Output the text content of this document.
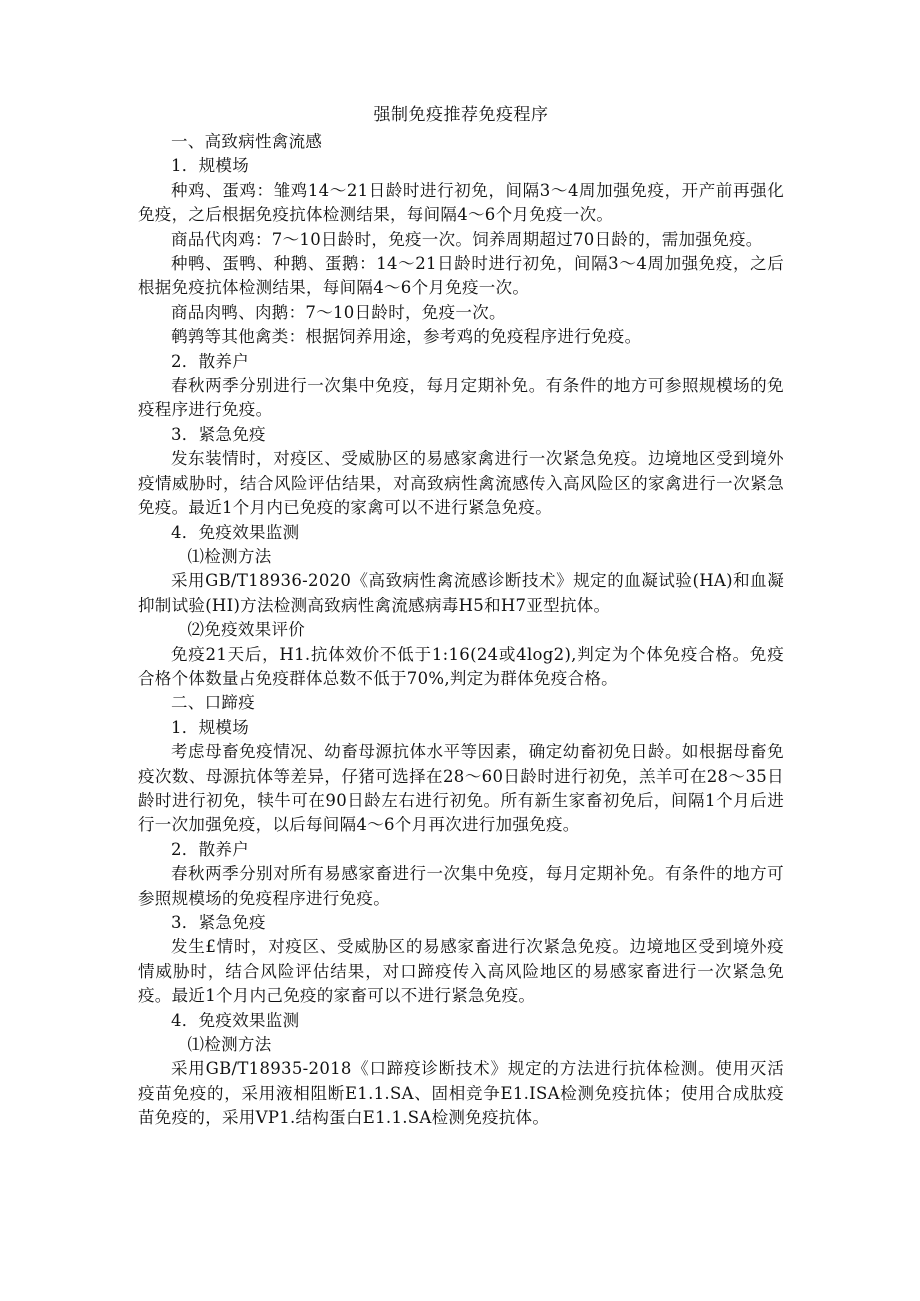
强制免疫推荐免疫程序

一、高致病性禽流感

1．规模场

种鸡、蛋鸡：雏鸡14～21日龄时进行初免，间隔3～4周加强免疫，开产前再强化免疫，之后根据免疫抗体检测结果，每间隔4～6个月免疫一次。

商品代肉鸡：7～10日龄时，免疫一次。饲养周期超过70日龄的，需加强免疫。

种鸭、蛋鸭、种鹅、蛋鹅：14～21日龄时进行初免，间隔3～4周加强免疫，之后根据免疫抗体检测结果，每间隔4～6个月免疫一次。

商品肉鸭、肉鹅：7～10日龄时，免疫一次。

鹌鹑等其他禽类：根据饲养用途，参考鸡的免疫程序进行免疫。

2．散养户

春秋两季分别进行一次集中免疫，每月定期补免。有条件的地方可参照规模场的免疫程序进行免疫。

3．紧急免疫

发东装情时，对疫区、受威胁区的易感家禽进行一次紧急免疫。边境地区受到境外疫情威胁时，结合风险评估结果，对高致病性禽流感传入高风险区的家禽进行一次紧急免疫。最近1个月内已免疫的家禽可以不进行紧急免疫。

4．免疫效果监测

⑴检测方法

采用GB/T18936-2020《高致病性禽流感诊断技术》规定的血凝试验(HA)和血凝抑制试验(HI)方法检测高致病性禽流感病毒H5和H7亚型抗体。

⑵免疫效果评价

免疫21天后，H1.抗体效价不低于1:16(24或4log2),判定为个体免疫合格。免疫合格个体数量占免疫群体总数不低于70%,判定为群体免疫合格。

二、口蹄疫

1．规模场

考虑母畜免疫情况、幼畜母源抗体水平等因素，确定幼畜初免日龄。如根据母畜免疫次数、母源抗体等差异，仔猪可选择在28～60日龄时进行初免，羔羊可在28～35日龄时进行初免，犊牛可在90日龄左右进行初免。所有新生家畜初免后，间隔1个月后进行一次加强免疫，以后每间隔4～6个月再次进行加强免疫。

2．散养户

春秋两季分别对所有易感家畜进行一次集中免疫，每月定期补免。有条件的地方可参照规模场的免疫程序进行免疫。

3．紧急免疫

发生£情时，对疫区、受威胁区的易感家畜进行次紧急免疫。边境地区受到境外疫情威胁时，结合风险评估结果，对口蹄疫传入高风险地区的易感家畜进行一次紧急免疫。最近1个月内己免疫的家畜可以不进行紧急免疫。

4．免疫效果监测

⑴检测方法

采用GB/T18935-2018《口蹄疫诊断技术》规定的方法进行抗体检测。使用灭活疫苗免疫的，采用液相阻断E1.1.SA、固相竞争E1.ISA检测免疫抗体；使用合成肽疫苗免疫的，采用VP1.结构蛋白E1.1.SA检测免疫抗体。
